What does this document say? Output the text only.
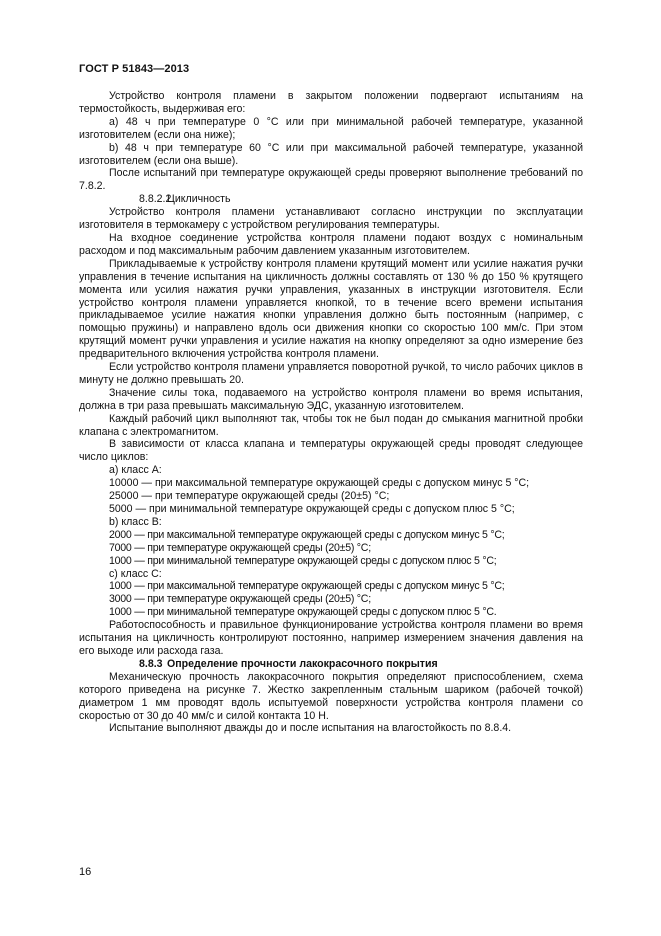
ГОСТ Р 51843—2013

Устройство контроля пламени в закрытом положении подвергают испытаниям на термостойкость, выдерживая его:

a) 48 ч при температуре 0 °С или при минимальной рабочей температуре, указанной изготовителем (если она ниже);

b) 48 ч при температуре 60 °С или при максимальной рабочей температуре, указанной изготовителем (если она выше).

После испытаний при температуре окружающей среды проверяют выполнение требований по 7.8.2.

8.8.2.2Цикличность

Устройство контроля пламени устанавливают согласно инструкции по эксплуатации изготовителя в термокамеру с устройством регулирования температуры.

На входное соединение устройства контроля пламени подают воздух с номинальным расходом и под максимальным рабочим давлением указанным изготовителем.

Прикладываемые к устройству контроля пламени крутящий момент или усилие нажатия ручки управления в течение испытания на цикличность должны составлять от 130 % до 150 % крутящего момента или усилия нажатия ручки управления, указанных в инструкции изготовителя. Если устройство контроля пламени управляется кнопкой, то в течение всего времени испытания прикладываемое усилие нажатия кнопки управления должно быть постоянным (например, с помощью пружины) и направлено вдоль оси движения кнопки со скоростью 100 мм/с. При этом крутящий момент ручки управления и усилие нажатия на кнопку определяют за одно измерение без предварительного включения устройства контроля пламени.

Если устройство контроля пламени управляется поворотной ручкой, то число рабочих циклов в минуту не должно превышать 20.

Значение силы тока, подаваемого на устройство контроля пламени во время испытания, должна в три раза превышать максимальную ЭДС, указанную изготовителем.

Каждый рабочий цикл выполняют так, чтобы ток не был подан до смыкания магнитной пробки клапана с электромагнитом.

В зависимости от класса клапана и температуры окружающей среды проводят следующее число циклов:

a) класс А:

10000 — при максимальной температуре окружающей среды с допуском минус 5 °С;

25000 — при температуре окружающей среды (20±5) °С;

5000 — при минимальной температуре окружающей среды с допуском плюс 5 °С;

b) класс В:

2000 — при максимальной температуре окружающей среды с допуском минус 5 °С;

7000 — при температуре окружающей среды (20±5) °С;

1000 — при минимальной температуре окружающей среды с допуском плюс 5 °С;

c) класс С:

1000 — при максимальной температуре окружающей среды с допуском минус 5 °С;

3000 — при температуре окружающей среды (20±5) °С;

1000 — при минимальной температуре окружающей среды с допуском плюс 5 °С.

Работоспособность и правильное функционирование устройства контроля пламени во время испытания на цикличность контролируют постоянно, например измерением значения давления на его выходе или расхода газа.

8.8.3 Определение прочности лакокрасочного покрытия

Механическую прочность лакокрасочного покрытия определяют приспособлением, схема которого приведена на рисунке 7. Жестко закрепленным стальным шариком (рабочей точкой) диаметром 1 мм проводят вдоль испытуемой поверхности устройства контроля пламени со скоростью от 30 до 40 мм/с и силой контакта 10 Н.

Испытание выполняют дважды до и после испытания на влагостойкость по 8.8.4.

16
